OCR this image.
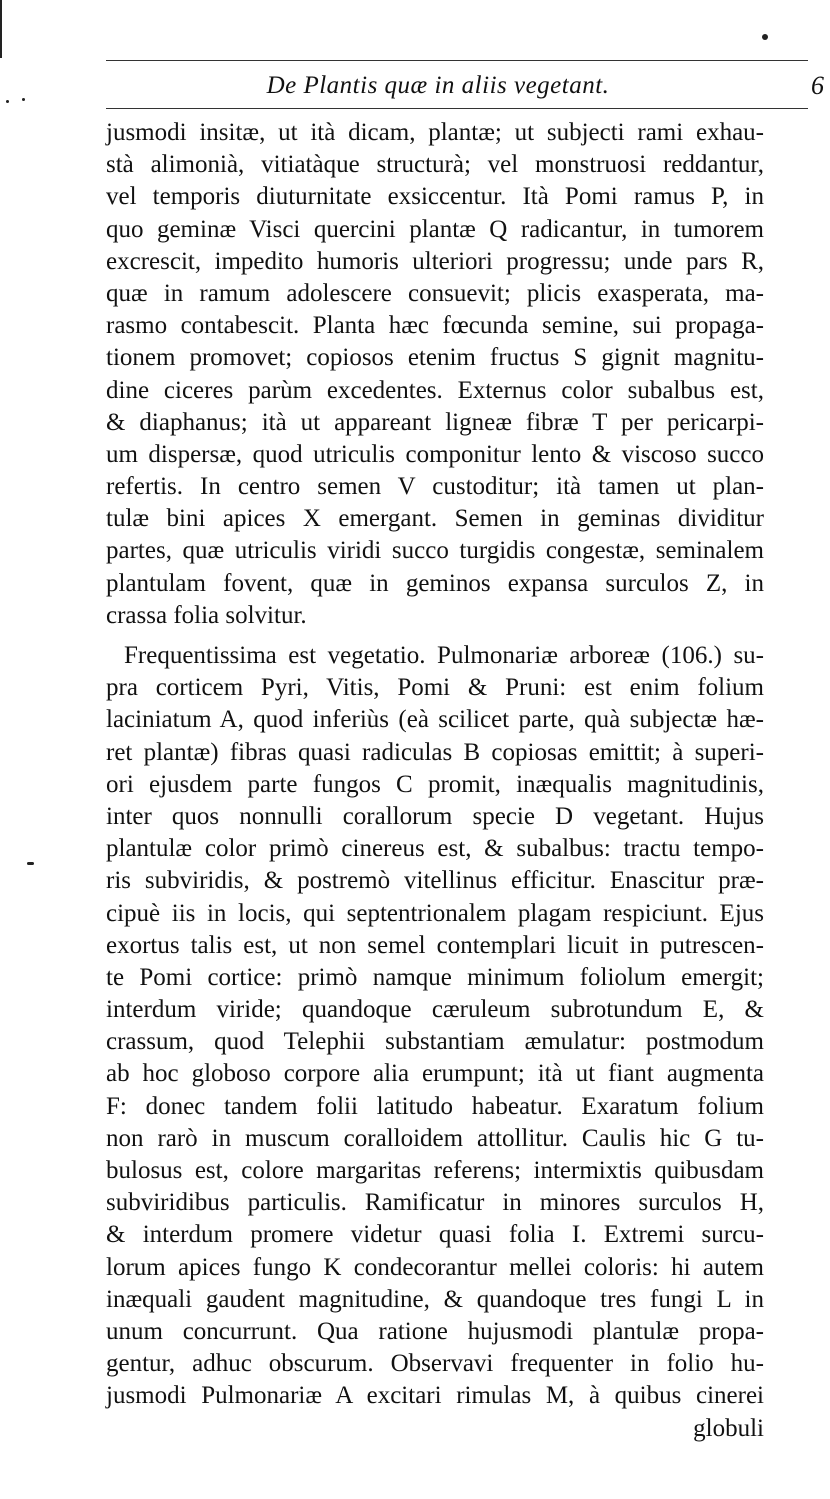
De Plantis quæ in aliis vegetant.	6
jusmodi insitæ, ut ità dicam, plantæ; ut subjecti rami exhau-
stà alimonià, vitiatàque structurà; vel monstruosi reddantur,
vel temporis diuturnitate exsiccentur. Ità Pomi ramus P, in
quo geminæ Visci quercini plantæ Q radicantur, in tumorem
excrescit, impedito humoris ulteriori progressu; unde pars R,
quæ in ramum adolescere consuevit; plicis exasperata, ma-
rasmo contabescit. Planta hæc fœcunda semine, sui propaga-
tionem promovet; copiosos etenim fructus S gignit magnitu-
dine ciceres parùm excedentes. Externus color subalbus est,
& diaphanus; ità ut appareant ligneæ fibræ T per pericarpi-
um dispersæ, quod utriculis componitur lento & viscoso succo
refertis. In centro semen V custoditur; ità tamen ut plan-
tulæ bini apices X emergant. Semen in geminas dividitur
partes, quæ utriculis viridi succo turgidis congestæ, seminalem
plantulam fovent, quæ in geminos expansa surculos Z, in
crassa folia solvitur.
Frequentissima est vegetatio. Pulmonariæ arboreæ (106.) su-
pra corticem Pyri, Vitis, Pomi & Pruni: est enim folium
laciniatum A, quod inferiùs (eà scilicet parte, quà subjectæ hæ-
ret plantæ) fibras quasi radiculas B copiosas emittit; à superi-
ori ejusdem parte fungos C promit, inæqualis magnitudinis,
inter quos nonnulli corallorum specie D vegetant. Hujus
plantulæ color primò cinereus est, & subalbus: tractu tempo-
ris subviridis, & postremò vitellinus efficitur. Enascitur præ-
cipuè iis in locis, qui septentrionalem plagam respiciunt. Ejus
exortus talis est, ut non semel contemplari licuit in putrescen-
te Pomi cortice: primò namque minimum foliolum emergit;
interdum viride; quandoque cæruleum subrotundum E, &
crassum, quod Telephii substantiam æmulatur: postmodum
ab hoc globoso corpore alia erumpunt; ità ut fiant augmenta
F: donec tandem folii latitudo habeatur. Exaratum folium
non rarò in muscum coralloidem attollitur. Caulis hic G tu-
bulosus est, colore margaritas referens; intermixtis quibusdam
subviridibus particulis. Ramificatur in minores surculos H,
& interdum promere videtur quasi folia I. Extremi surcu-
lorum apices fungo K condecorantur mellei coloris: hi autem
inæquali gaudent magnitudine, & quandoque tres fungi L in
unum concurrunt. Qua ratione hujusmodi plantulæ propa-
gentur, adhuc obscurum. Observavi frequenter in folio hu-
jusmodi Pulmonariæ A excitari rimulas M, à quibus cinerei
globuli
